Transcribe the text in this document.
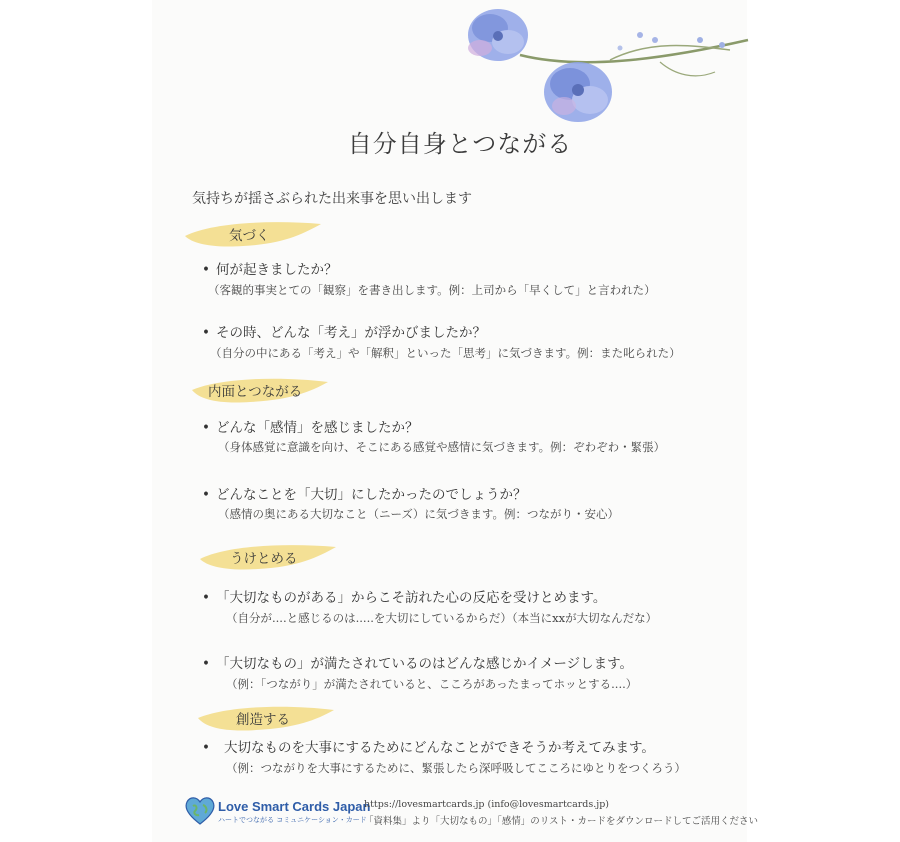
自分自身とつながる
気持ちが揺さぶられた出来事を思い出します
気づく
• 何が起きましたか？
（客観的事実とての「観察」を書き出します。例：上司から「早くして」と言われた）
• その時、どんな「考え」が浮かびましたか？
（自分の中にある「考え」や「解釈」といった「思考」に気づきます。例：また叱られた）
内面とつながる
• どんな「感情」を感じましたか？
（身体感覚に意識を向け、そこにある感覚や感情に気づきます。例：ぞわぞわ・緊張）
• どんなことを「大切」にしたかったのでしょうか？
（感情の奥にある大切なこと（ニーズ）に気づきます。例：つながり・安心）
うけとめる
• 「大切なものがある」からこそ訪れた心の反応を受けとめます。
（自分が....と感じるのは.....を大切にしているからだ）（本当にxxが大切なんだな）
• 「大切なもの」が満たされているのはどんな感じかイメージします。
（例：「つながり」が満たされていると、こころがあったまってホッとする....）
創造する
• 大切なものを大事にするためにどんなことができそうか考えてみます。
（例：つながりを大事にするために、緊張したら深呼吸してこころにゆとりをつくろう）
Love Smart Cards Japan
ハートでつながる コミュニケーション・カード
https://lovesmartcards.jp (info@lovesmartcards.jp)
「資料集」より「大切なもの」「感情」のリスト・カードをダウンロードしてご活用ください
